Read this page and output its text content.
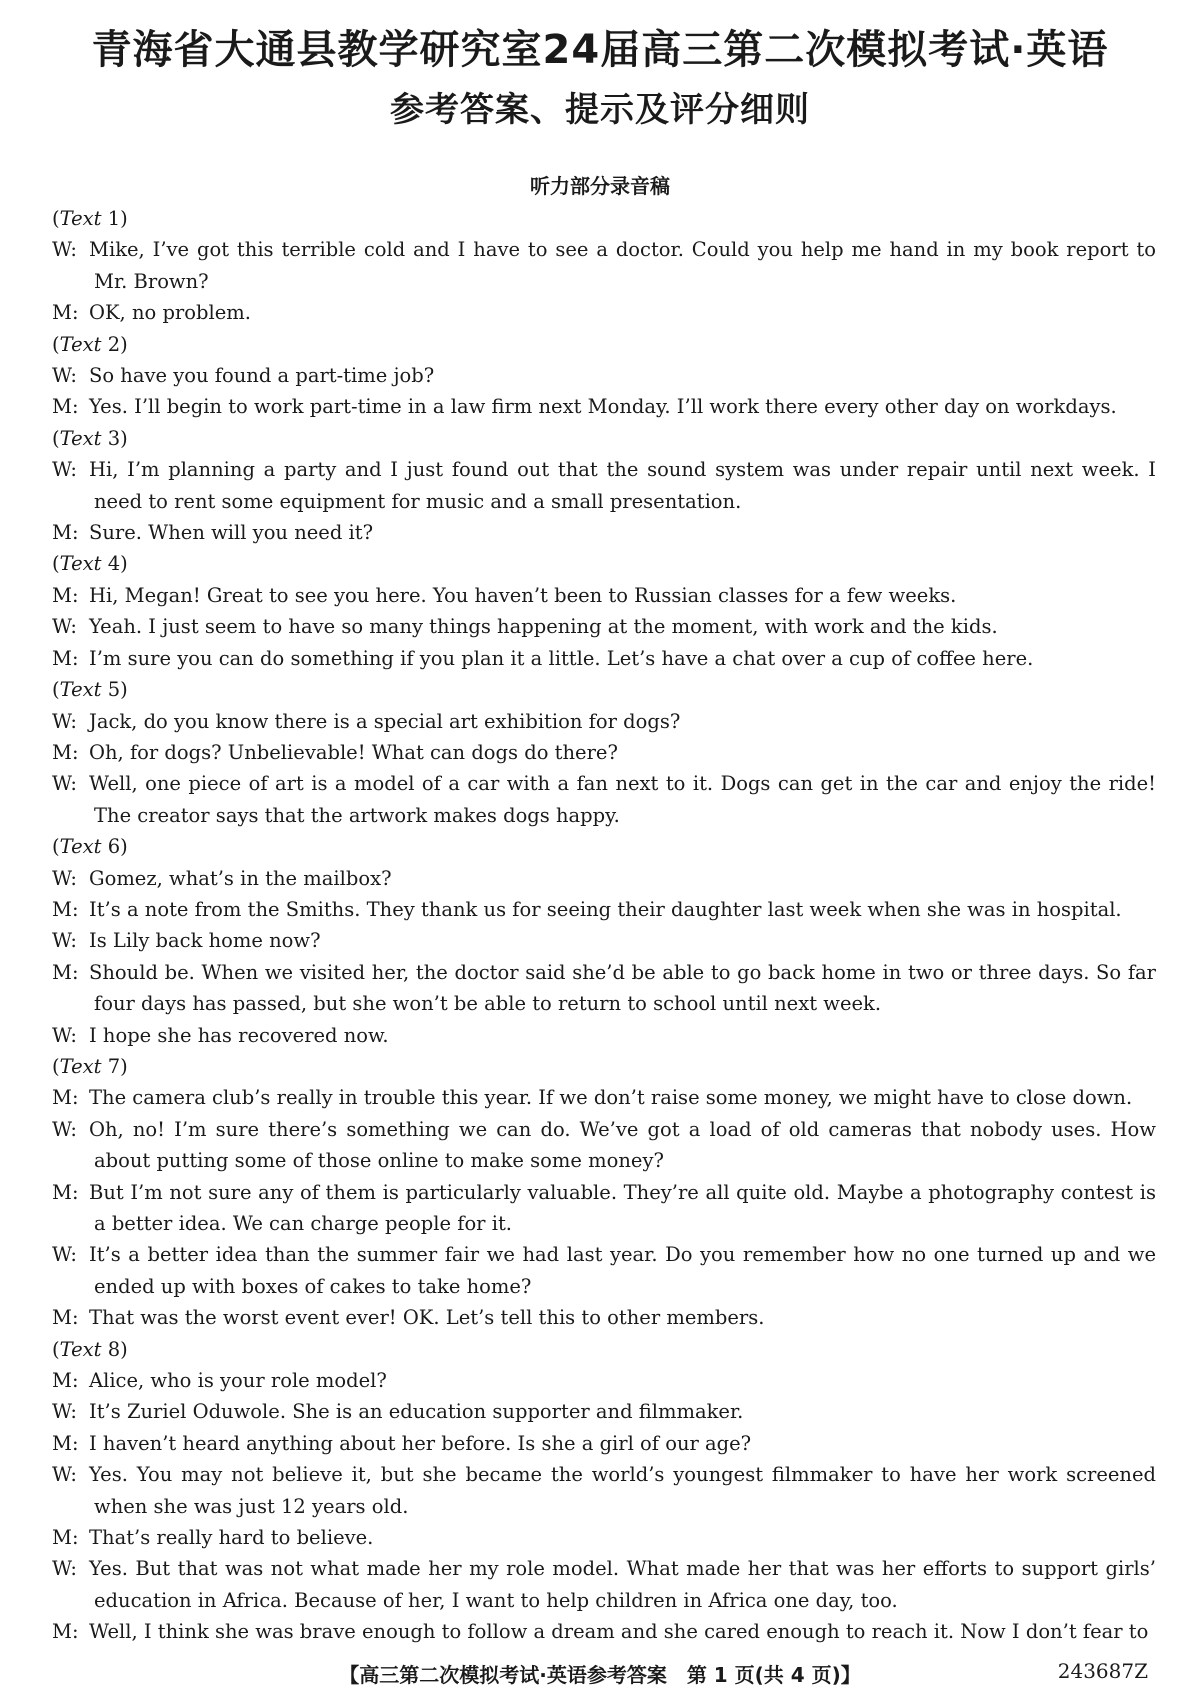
青海省大通县教学研究室24届高三第二次模拟考试·英语
参考答案、提示及评分细则
听力部分录音稿

(Text 1)

W: Mike, I’ve got this terrible cold and I have to see a doctor. Could you help me hand in my book report to Mr. Brown?

M: OK, no problem.

(Text 2)

W: So have you found a part-time job?

M: Yes. I’ll begin to work part-time in a law firm next Monday. I’ll work there every other day on workdays.

(Text 3)

W: Hi, I’m planning a party and I just found out that the sound system was under repair until next week. I need to rent some equipment for music and a small presentation.

M: Sure. When will you need it?

(Text 4)

M: Hi, Megan! Great to see you here. You haven’t been to Russian classes for a few weeks.

W: Yeah. I just seem to have so many things happening at the moment, with work and the kids.

M: I’m sure you can do something if you plan it a little. Let’s have a chat over a cup of coffee here.

(Text 5)

W: Jack, do you know there is a special art exhibition for dogs?

M: Oh, for dogs? Unbelievable! What can dogs do there?

W: Well, one piece of art is a model of a car with a fan next to it. Dogs can get in the car and enjoy the ride! The creator says that the artwork makes dogs happy.

(Text 6)

W: Gomez, what’s in the mailbox?

M: It’s a note from the Smiths. They thank us for seeing their daughter last week when she was in hospital.

W: Is Lily back home now?

M: Should be. When we visited her, the doctor said she’d be able to go back home in two or three days. So far four days has passed, but she won’t be able to return to school until next week.

W: I hope she has recovered now.

(Text 7)

M: The camera club’s really in trouble this year. If we don’t raise some money, we might have to close down.

W: Oh, no! I’m sure there’s something we can do. We’ve got a load of old cameras that nobody uses. How about putting some of those online to make some money?

M: But I’m not sure any of them is particularly valuable. They’re all quite old. Maybe a photography contest is a better idea. We can charge people for it.

W: It’s a better idea than the summer fair we had last year. Do you remember how no one turned up and we ended up with boxes of cakes to take home?

M: That was the worst event ever! OK. Let’s tell this to other members.

(Text 8)

M: Alice, who is your role model?

W: It’s Zuriel Oduwole. She is an education supporter and filmmaker.

M: I haven’t heard anything about her before. Is she a girl of our age?

W: Yes. You may not believe it, but she became the world’s youngest filmmaker to have her work screened when she was just 12 years old.

M: That’s really hard to believe.

W: Yes. But that was not what made her my role model. What made her that was her efforts to support girls’ education in Africa. Because of her, I want to help children in Africa one day, too.

M: Well, I think she was brave enough to follow a dream and she cared enough to reach it. Now I don’t fear to

【高三第二次模拟考试·英语参考答案　第 1 页(共 4 页)】	243687Z
